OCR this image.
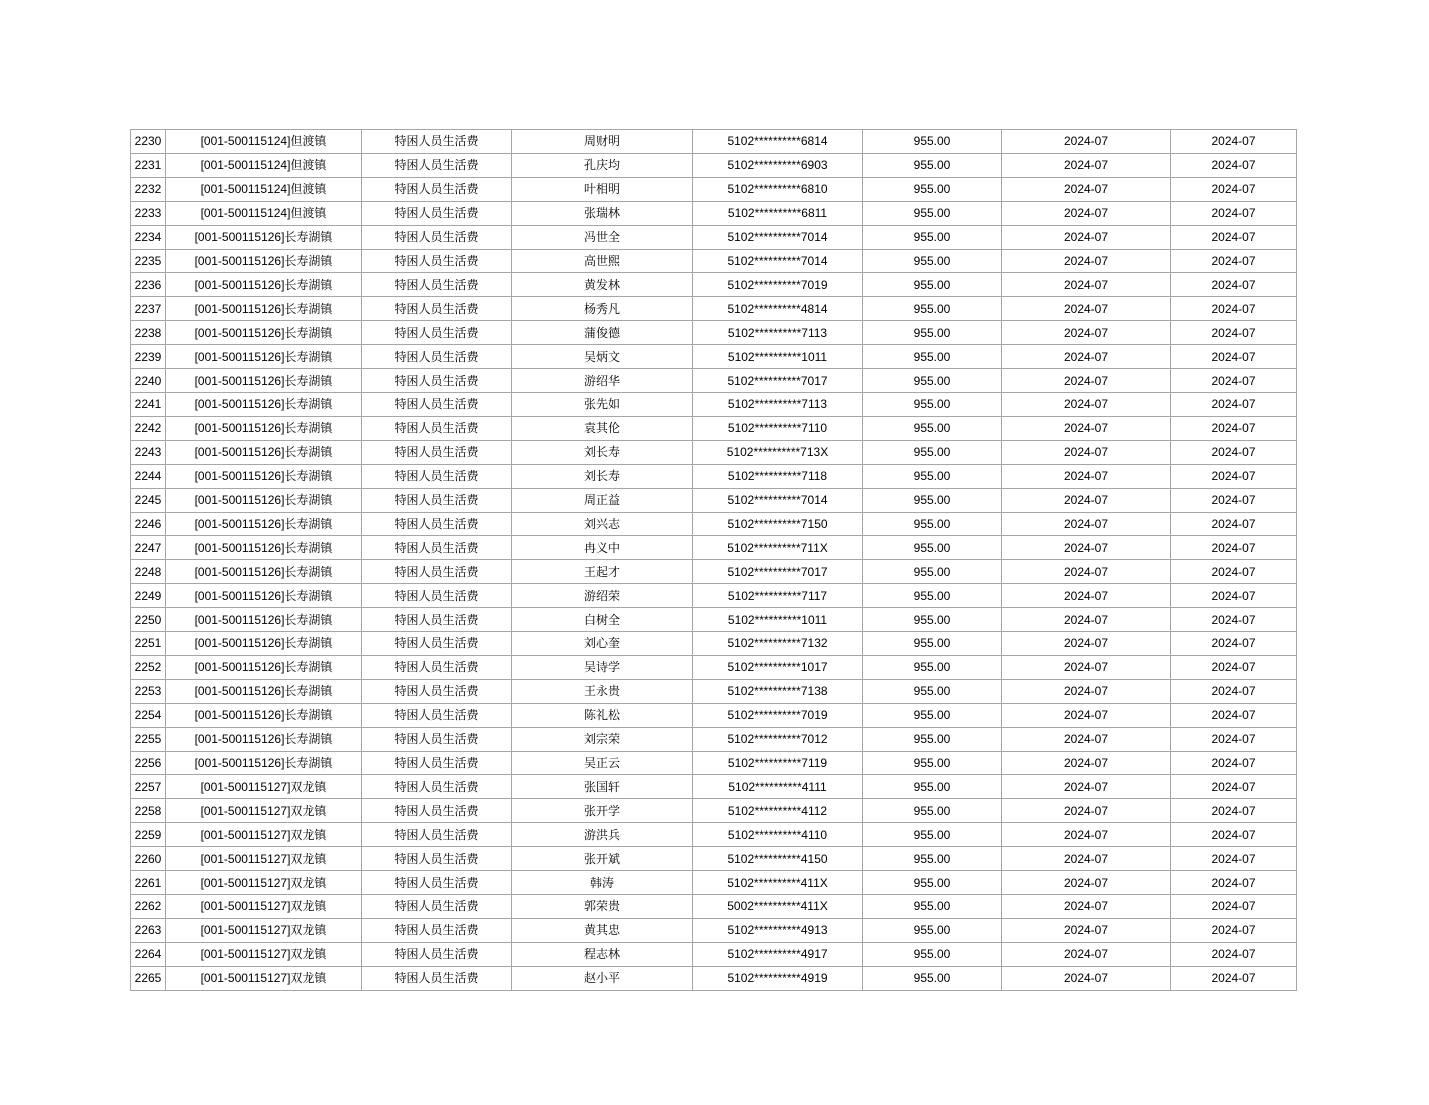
2230	[001-500115124]但渡镇	特困人员生活费	周财明	5102**********6814	955.00	2024-07	2024-07
2231	[001-500115124]但渡镇	特困人员生活费	孔庆均	5102**********6903	955.00	2024-07	2024-07
2232	[001-500115124]但渡镇	特困人员生活费	叶相明	5102**********6810	955.00	2024-07	2024-07
2233	[001-500115124]但渡镇	特困人员生活费	张瑞林	5102**********6811	955.00	2024-07	2024-07
2234	[001-500115126]长寿湖镇	特困人员生活费	冯世全	5102**********7014	955.00	2024-07	2024-07
2235	[001-500115126]长寿湖镇	特困人员生活费	高世熙	5102**********7014	955.00	2024-07	2024-07
2236	[001-500115126]长寿湖镇	特困人员生活费	黄发林	5102**********7019	955.00	2024-07	2024-07
2237	[001-500115126]长寿湖镇	特困人员生活费	杨秀凡	5102**********4814	955.00	2024-07	2024-07
2238	[001-500115126]长寿湖镇	特困人员生活费	蒲俊德	5102**********7113	955.00	2024-07	2024-07
2239	[001-500115126]长寿湖镇	特困人员生活费	吴炳文	5102**********1011	955.00	2024-07	2024-07
2240	[001-500115126]长寿湖镇	特困人员生活费	游绍华	5102**********7017	955.00	2024-07	2024-07
2241	[001-500115126]长寿湖镇	特困人员生活费	张先如	5102**********7113	955.00	2024-07	2024-07
2242	[001-500115126]长寿湖镇	特困人员生活费	袁其伦	5102**********7110	955.00	2024-07	2024-07
2243	[001-500115126]长寿湖镇	特困人员生活费	刘长寿	5102**********713X	955.00	2024-07	2024-07
2244	[001-500115126]长寿湖镇	特困人员生活费	刘长寿	5102**********7118	955.00	2024-07	2024-07
2245	[001-500115126]长寿湖镇	特困人员生活费	周正益	5102**********7014	955.00	2024-07	2024-07
2246	[001-500115126]长寿湖镇	特困人员生活费	刘兴志	5102**********7150	955.00	2024-07	2024-07
2247	[001-500115126]长寿湖镇	特困人员生活费	冉义中	5102**********711X	955.00	2024-07	2024-07
2248	[001-500115126]长寿湖镇	特困人员生活费	王起才	5102**********7017	955.00	2024-07	2024-07
2249	[001-500115126]长寿湖镇	特困人员生活费	游绍荣	5102**********7117	955.00	2024-07	2024-07
2250	[001-500115126]长寿湖镇	特困人员生活费	白树全	5102**********1011	955.00	2024-07	2024-07
2251	[001-500115126]长寿湖镇	特困人员生活费	刘心奎	5102**********7132	955.00	2024-07	2024-07
2252	[001-500115126]长寿湖镇	特困人员生活费	吴诗学	5102**********1017	955.00	2024-07	2024-07
2253	[001-500115126]长寿湖镇	特困人员生活费	王永贵	5102**********7138	955.00	2024-07	2024-07
2254	[001-500115126]长寿湖镇	特困人员生活费	陈礼松	5102**********7019	955.00	2024-07	2024-07
2255	[001-500115126]长寿湖镇	特困人员生活费	刘宗荣	5102**********7012	955.00	2024-07	2024-07
2256	[001-500115126]长寿湖镇	特困人员生活费	吴正云	5102**********7119	955.00	2024-07	2024-07
2257	[001-500115127]双龙镇	特困人员生活费	张国轩	5102**********4111	955.00	2024-07	2024-07
2258	[001-500115127]双龙镇	特困人员生活费	张开学	5102**********4112	955.00	2024-07	2024-07
2259	[001-500115127]双龙镇	特困人员生活费	游洪兵	5102**********4110	955.00	2024-07	2024-07
2260	[001-500115127]双龙镇	特困人员生活费	张开斌	5102**********4150	955.00	2024-07	2024-07
2261	[001-500115127]双龙镇	特困人员生活费	韩涛	5102**********411X	955.00	2024-07	2024-07
2262	[001-500115127]双龙镇	特困人员生活费	郭荣贵	5002**********411X	955.00	2024-07	2024-07
2263	[001-500115127]双龙镇	特困人员生活费	黄其忠	5102**********4913	955.00	2024-07	2024-07
2264	[001-500115127]双龙镇	特困人员生活费	程志林	5102**********4917	955.00	2024-07	2024-07
2265	[001-500115127]双龙镇	特困人员生活费	赵小平	5102**********4919	955.00	2024-07	2024-07
